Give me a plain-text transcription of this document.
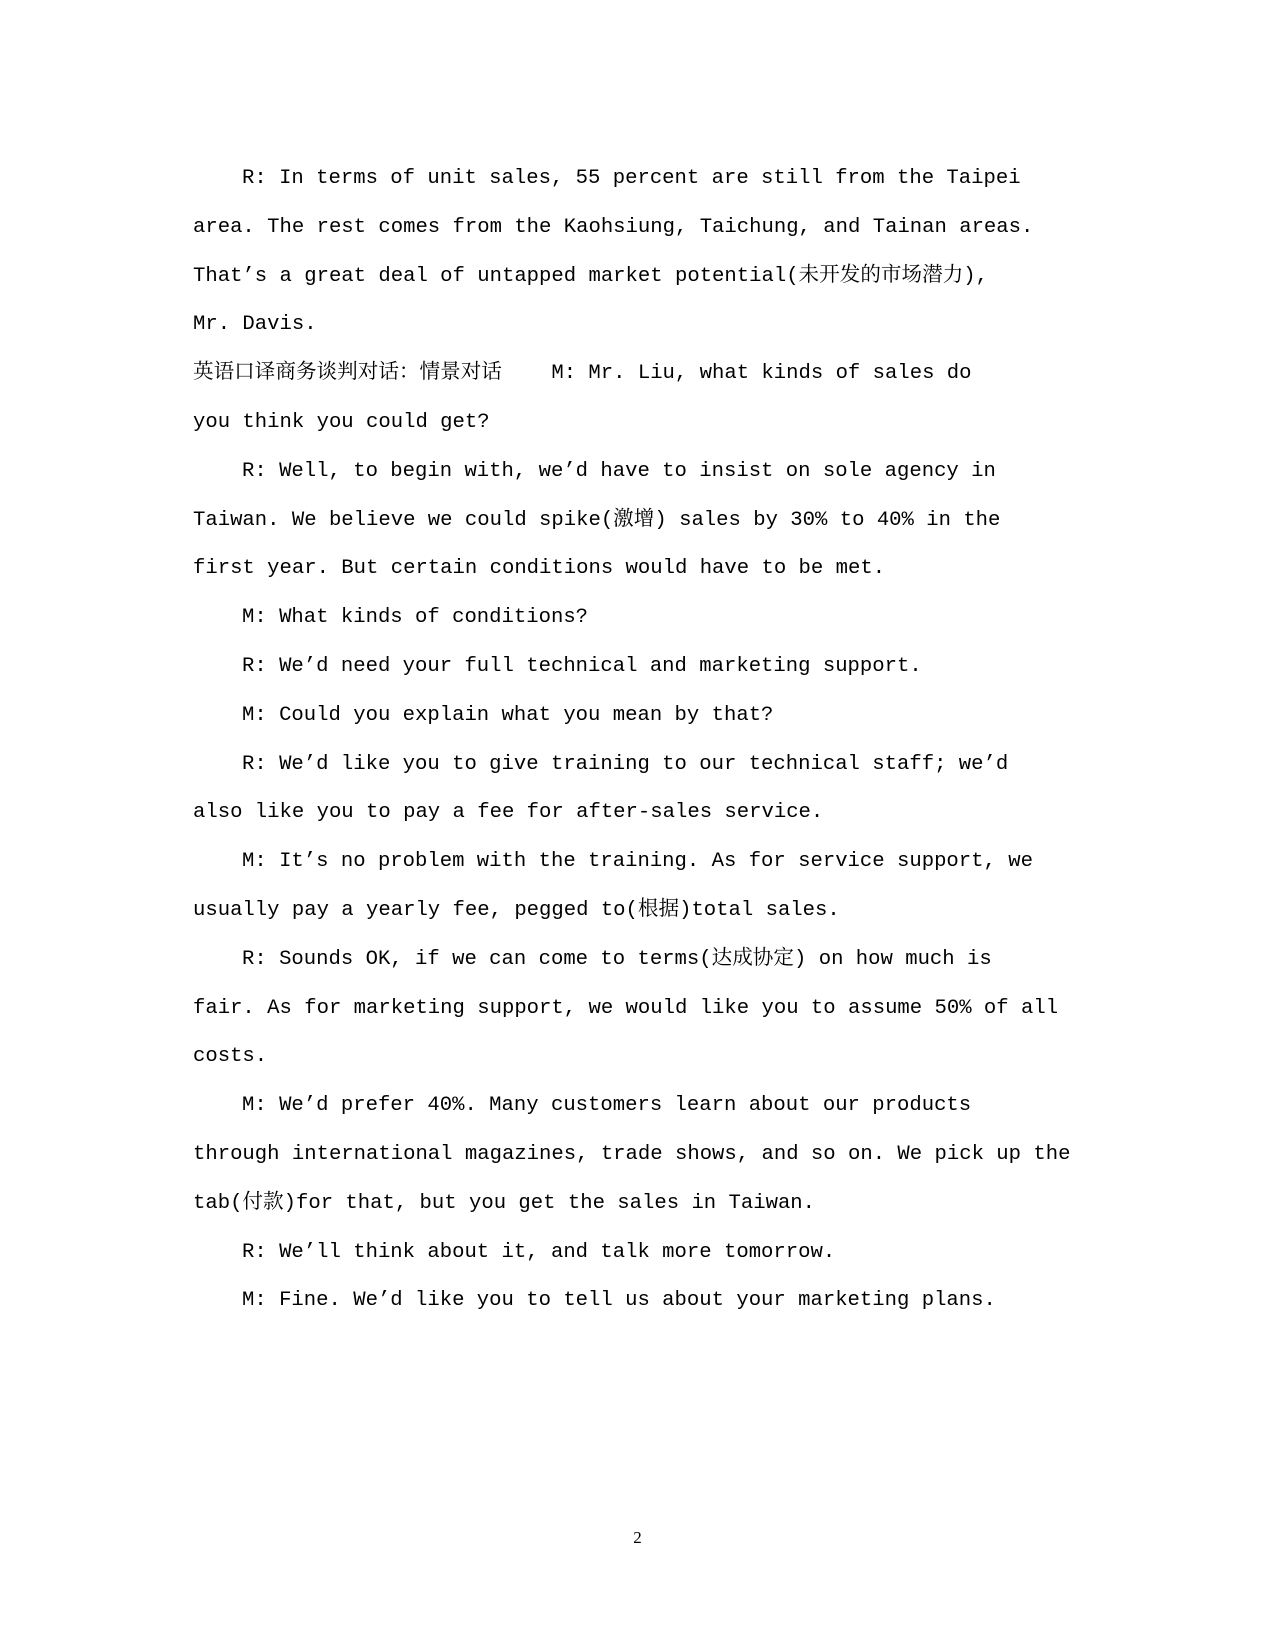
R: In terms of unit sales, 55 percent are still from the Taipei
area. The rest comes from the Kaohsiung, Taichung, and Tainan areas.
That’s a great deal of untapped market potential(未开发的市场潜力),
Mr. Davis.
英语口译商务谈判对话：情景对话    M: Mr. Liu, what kinds of sales do
you think you could get?
R: Well, to begin with, we’d have to insist on sole agency in
Taiwan. We believe we could spike(激增) sales by 30% to 40% in the
first year. But certain conditions would have to be met.
M: What kinds of conditions?
R: We’d need your full technical and marketing support.
M: Could you explain what you mean by that?
R: We’d like you to give training to our technical staff; we’d
also like you to pay a fee for after-sales service.
M: It’s no problem with the training. As for service support, we
usually pay a yearly fee, pegged to(根据)total sales.
R: Sounds OK, if we can come to terms(达成协定) on how much is
fair. As for marketing support, we would like you to assume 50% of all
costs.
M: We’d prefer 40%. Many customers learn about our products
through international magazines, trade shows, and so on. We pick up the
tab(付款)for that, but you get the sales in Taiwan.
R: We’ll think about it, and talk more tomorrow.
M: Fine. We’d like you to tell us about your marketing plans.
2
